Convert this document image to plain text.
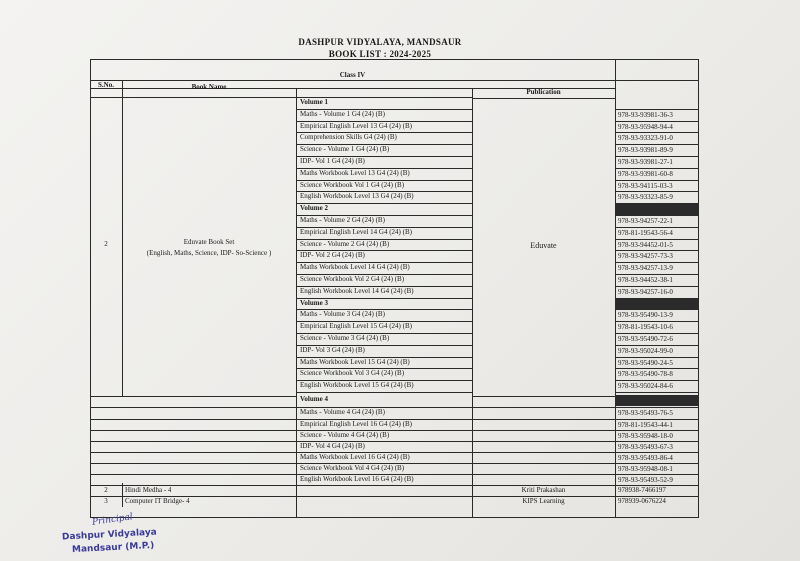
DASHPUR VIDYALAYA, MANDSAUR
BOOK LIST : 2024-2025
Class IV
S.No.	Book Name
Publication
Volume 1
Maths - Volume 1 G4 (24) (B)	978-93-93981-36-3
Empirical English Level 13 G4 (24) (B)	978-93-95948-94-4
Comprehension Skills G4 (24) (B)	978-93-93323-91-0
Science - Volume 1 G4 (24) (B)	978-93-93981-89-9
IDP- Vol 1 G4 (24) (B)	978-93-93981-27-1
Maths Workbook Level 13 G4 (24) (B)	978-93-93981-60-8
Science Workbook Vol 1 G4 (24) (B)	978-93-94115-03-3
English Workbook Level 13 G4 (24) (B)	978-93-93323-85-9
Volume 2
Maths - Volume 2 G4 (24) (B)	978-93-94257-22-1
Empirical English Level 14 G4 (24) (B)	978-81-19543-56-4
Science - Volume 2 G4 (24) (B)	978-93-94452-01-5
IDP- Vol 2 G4 (24) (B)	978-93-94257-73-3
Maths Workbook Level 14 G4 (24) (B)	978-93-94257-13-9
Science Workbook Vol 2 G4 (24) (B)	978-93-94452-38-1
English Workbook Level 14 G4 (24) (B)	978-93-94257-16-0
Volume 3
Maths - Volume 3 G4 (24) (B)	978-93-95490-13-9
Empirical English Level 15 G4 (24) (B)	978-81-19543-10-6
Science - Volume 3 G4 (24) (B)	978-93-95490-72-6
IDP- Vol 3 G4 (24) (B)	978-93-95024-99-0
Maths Workbook Level 15 G4 (24) (B)	978-93-95490-24-5
Science Workbook Vol 3 G4 (24) (B)	978-93-95490-78-8
English Workbook Level 15 G4 (24) (B)	978-93-95024-84-6
2	Eduvate Book Set
(English, Maths, Science, IDP- So-Science )
Eduvate
Volume 4
Maths - Volume 4 G4 (24) (B)	978-93-95493-76-5
Empirical English Level 16 G4 (24) (B)	978-81-19543-44-1
Science - Volume 4 G4 (24) (B)	978-93-95948-18-0
IDP- Vol 4 G4 (24) (B)	978-93-95493-67-3
Maths Workbook Level 16 G4 (24) (B)	978-93-95493-86-4
Science Workbook Vol 4 G4 (24) (B)	978-93-95948-08-1
English Workbook Level 16 G4 (24) (B)	978-93-95493-52-9
2	Hindi Medha - 4	Kriti Prakashan	978938-7466197
3	Computer IT Bridge- 4	KIPS Learning	978939-0676224
Principal
Dashpur Vidyalaya
Mandsaur (M.P.)
